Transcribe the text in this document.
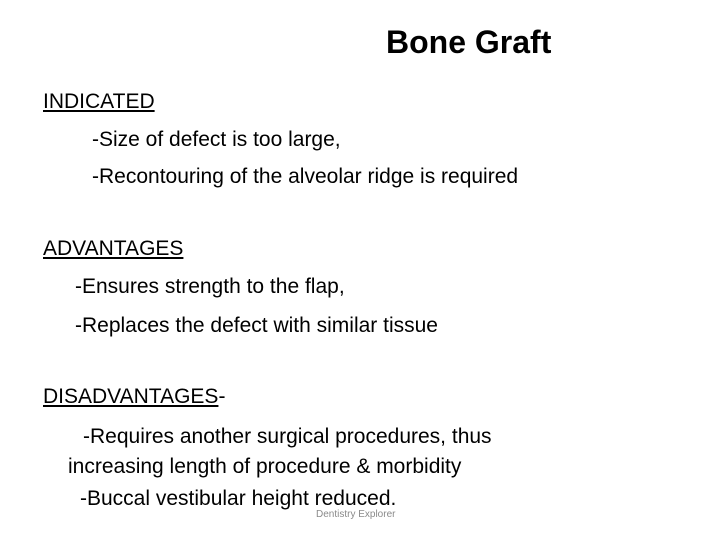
Bone Graft
INDICATED
-Size of defect is too large,
-Recontouring of the alveolar ridge is required
ADVANTAGES
-Ensures strength to the flap,
-Replaces the defect with similar tissue
DISADVANTAGES-
-Requires another surgical procedures, thus
increasing length of procedure & morbidity
-Buccal vestibular height reduced.
Dentistry Explorer
